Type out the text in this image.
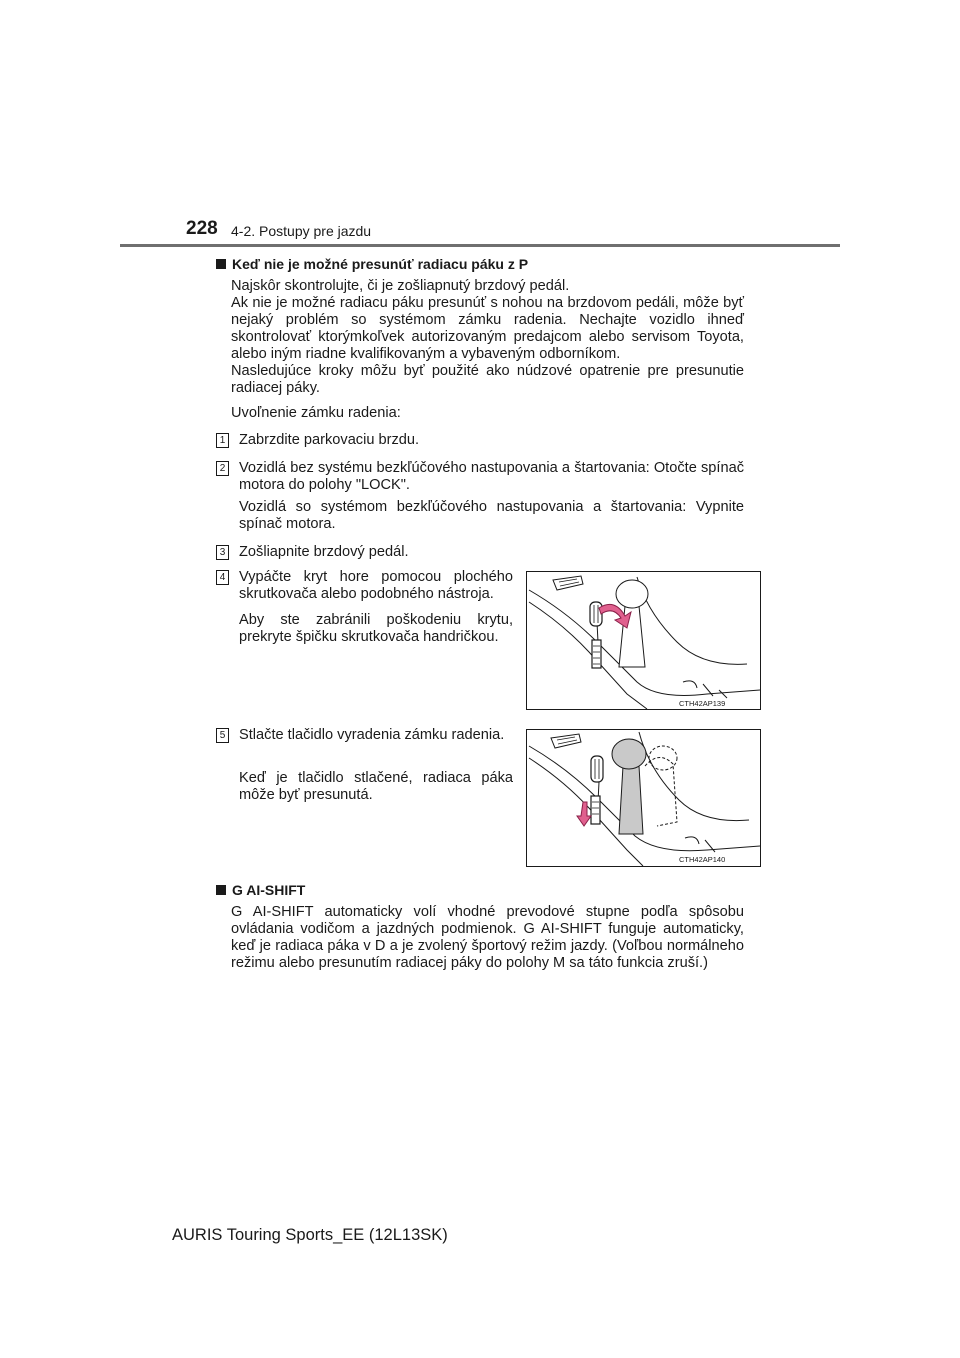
228 4-2. Postupy pre jazdu
Keď nie je možné presunúť radiacu páku z P
Najskôr skontrolujte, či je zošliapnutý brzdový pedál.
Ak nie je možné radiacu páku presunúť s nohou na brzdovom pedáli, môže byť nejaký problém so systémom zámku radenia. Nechajte vozidlo ihneď skontrolovať ktorýmkoľvek autorizovaným predajcom alebo servisom Toyota, alebo iným riadne kvalifikovaným a vybaveným odborníkom.
Nasledujúce kroky môžu byť použité ako núdzové opatrenie pre presunutie radiacej páky.
Uvoľnenie zámku radenia:
1 Zabrzdite parkovaciu brzdu.
2 Vozidlá bez systému bezkľúčového nastupovania a štartovania: Otočte spínač motora do polohy "LOCK".
Vozidlá so systémom bezkľúčového nastupovania a štartovania: Vypnite spínač motora.
3 Zošliapnite brzdový pedál.
4 Vypáčte kryt hore pomocou plochého skrutkovača alebo podobného nástroja.
Aby ste zabránili poškodeniu krytu, prekryte špičku skrutkovača handričkou.
CTH42AP139
5 Stlačte tlačidlo vyradenia zámku radenia.
Keď je tlačidlo stlačené, radiaca páka môže byť presunutá.
CTH42AP140
G AI-SHIFT
G AI-SHIFT automaticky volí vhodné prevodové stupne podľa spôsobu ovládania vodičom a jazdných podmienok. G AI-SHIFT funguje automaticky, keď je radiaca páka v D a je zvolený športový režim jazdy. (Voľbou normálneho režimu alebo presunutím radiacej páky do polohy M sa táto funkcia zruší.)
AURIS Touring Sports_EE (12L13SK)
